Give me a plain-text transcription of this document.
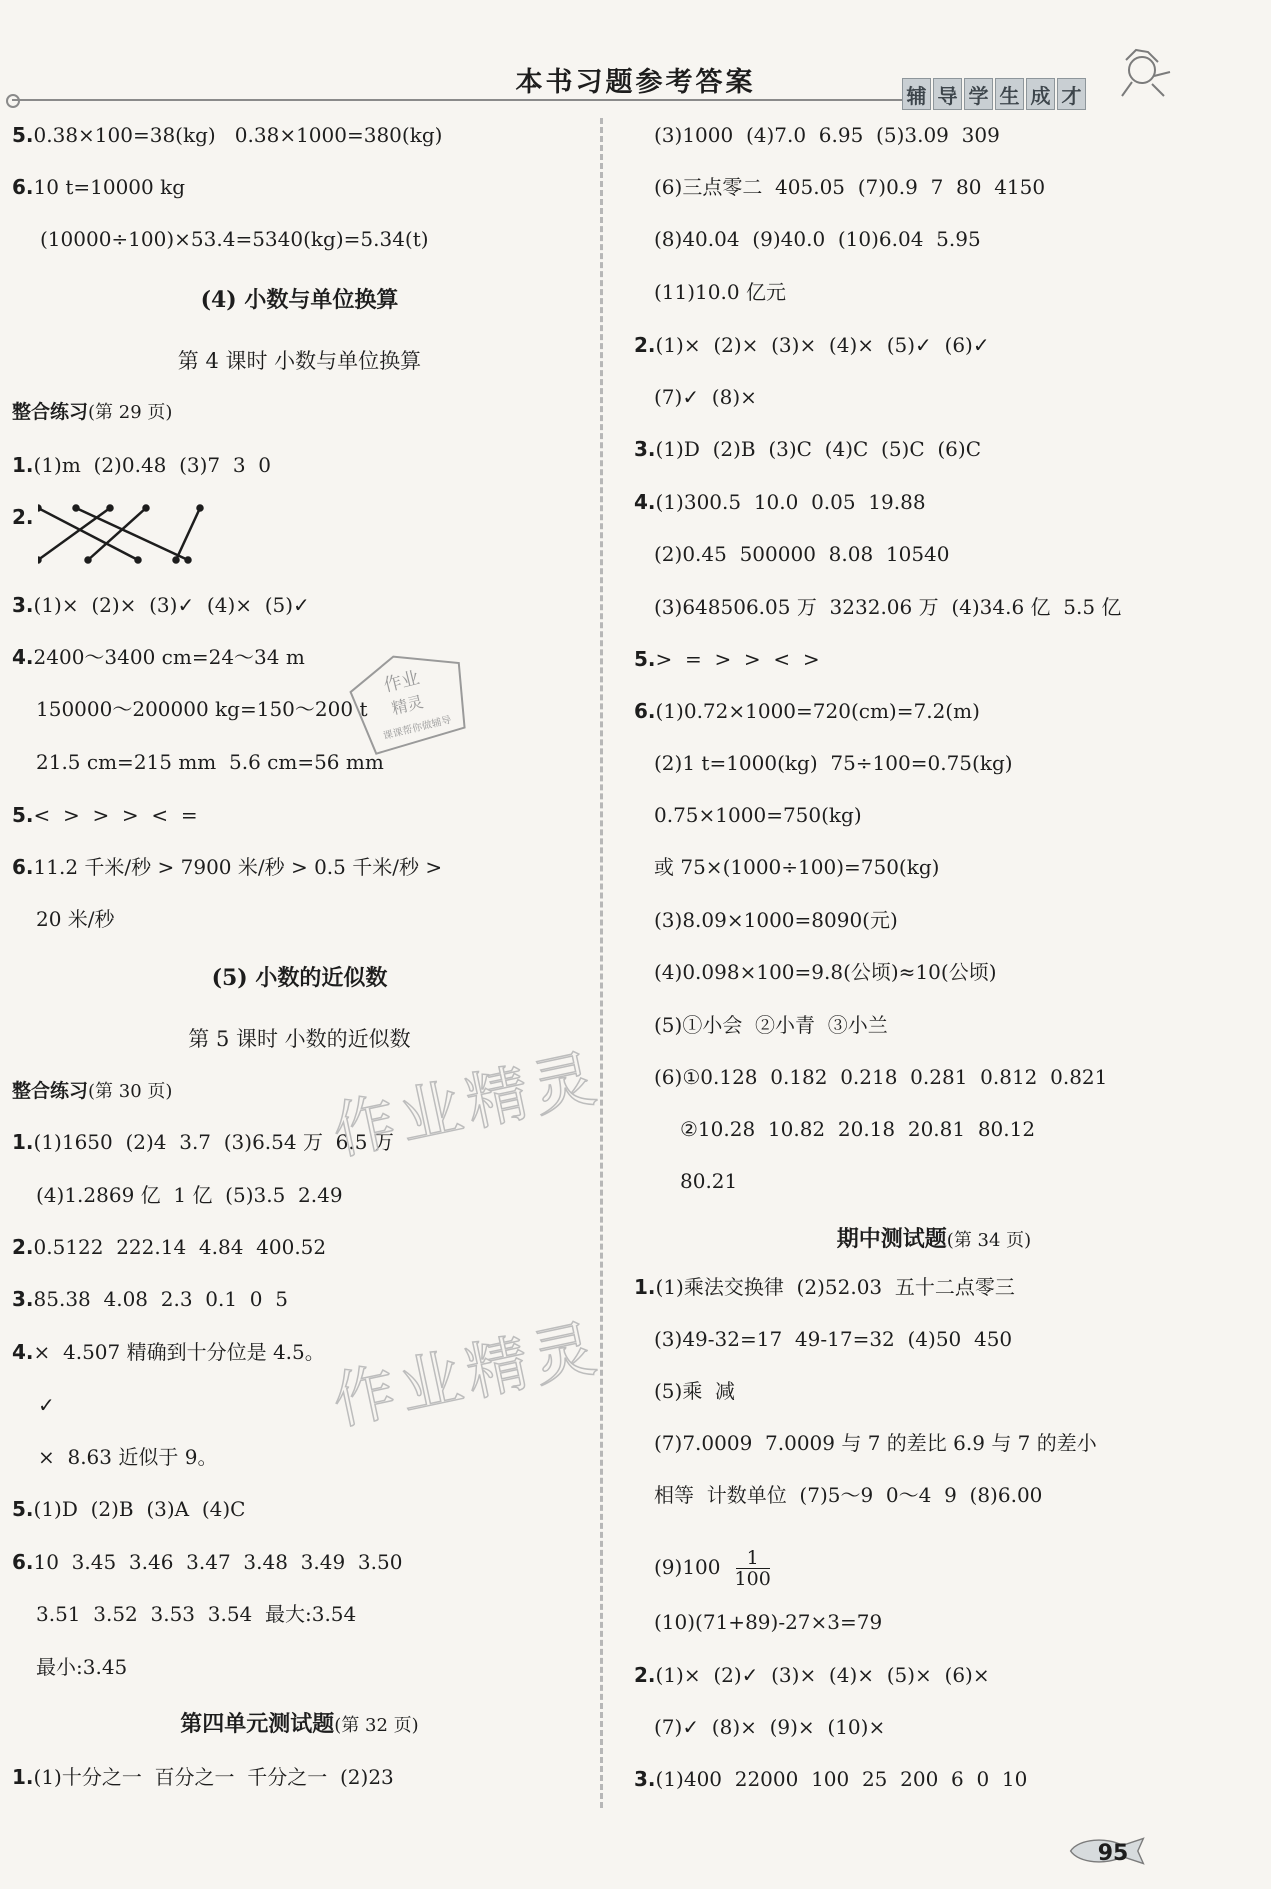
本书习题参考答案	辅 导 学 生 成 才
5.0.38×100=38(kg)   0.38×1000=380(kg)
6.10 t=10000 kg
(10000÷100)×53.4=5340(kg)=5.34(t)
(4) 小数与单位换算
第 4 课时 小数与单位换算
整合练习(第 29 页)
1.(1)m  (2)0.48  (3)7  3  0
2.
3.(1)×  (2)×  (3)✓  (4)×  (5)✓
4.2400～3400 cm=24～34 m
150000～200000 kg=150～200 t
21.5 cm=215 mm  5.6 cm=56 mm
5.<  >  >  >  <  =
6.11.2 千米/秒 > 7900 米/秒 > 0.5 千米/秒 >
20 米/秒
(5) 小数的近似数
第 5 课时 小数的近似数
整合练习(第 30 页)
1.(1)1650  (2)4  3.7  (3)6.54 万  6.5 万
(4)1.2869 亿  1 亿  (5)3.5  2.49
2.0.5122  222.14  4.84  400.52
3.85.38  4.08  2.3  0.1  0  5
4.×  4.507 精确到十分位是 4.5。
✓
×  8.63 近似于 9。
5.(1)D  (2)B  (3)A  (4)C
6.10  3.45  3.46  3.47  3.48  3.49  3.50
3.51  3.52  3.53  3.54  最大:3.54
最小:3.45
第四单元测试题(第 32 页)
1.(1)十分之一  百分之一  千分之一  (2)23
(3)1000  (4)7.0  6.95  (5)3.09  309
(6)三点零二  405.05  (7)0.9  7  80  4150
(8)40.04  (9)40.0  (10)6.04  5.95
(11)10.0 亿元
2.(1)×  (2)×  (3)×  (4)×  (5)✓  (6)✓
(7)✓  (8)×
3.(1)D  (2)B  (3)C  (4)C  (5)C  (6)C
4.(1)300.5  10.0  0.05  19.88
(2)0.45  500000  8.08  10540
(3)648506.05 万  3232.06 万  (4)34.6 亿  5.5 亿
5.>  =  >  >  <  >
6.(1)0.72×1000=720(cm)=7.2(m)
(2)1 t=1000(kg)  75÷100=0.75(kg)
0.75×1000=750(kg)
或 75×(1000÷100)=750(kg)
(3)8.09×1000=8090(元)
(4)0.098×100=9.8(公顷)≈10(公顷)
(5)①小会  ②小青  ③小兰
(6)①0.128  0.182  0.218  0.281  0.812  0.821
②10.28  10.82  20.18  20.81  80.12
80.21
期中测试题(第 34 页)
1.(1)乘法交换律  (2)52.03  五十二点零三
(3)49-32=17  49-17=32  (4)50  450
(5)乘  减
(7)7.0009  7.0009 与 7 的差比 6.9 与 7 的差小
相等  计数单位  (7)5～9  0～4  9  (8)6.00
$(9)100 \frac{1}{100}$
(10)(71+89)-27×3=79
2.(1)×  (2)✓  (3)×  (4)×  (5)×  (6)×
(7)✓  (8)×  (9)×  (10)×
3.(1)400  22000  100  25  200  6  0  10
作业
精灵
课课帮你做辅导
作业精灵
作业精灵
95
